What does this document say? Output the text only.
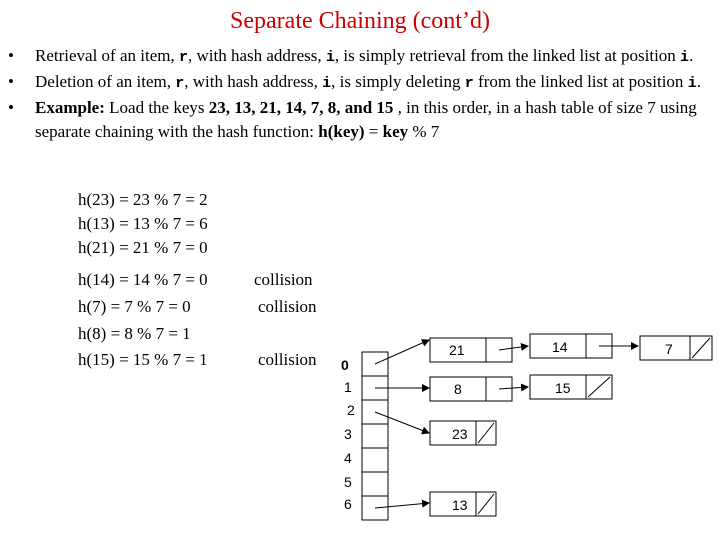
Separate Chaining (cont’d)
• Retrieval of an item, r, with hash address, i, is simply retrieval from the linked list at position i.
• Deletion of an item, r, with hash address, i, is simply deleting r from the linked list at position i.
• Example: Load the keys 23, 13, 21, 14, 7, 8, and 15 , in this order, in a hash table of size 7 using separate chaining with the hash function: h(key) = key % 7
h(23) = 23 % 7 = 2
h(13) = 13 % 7 = 6
h(21) = 21 % 7 = 0
h(14) = 14 % 7 = 0	collision
h(7) = 7 % 7 = 0	collision
h(8) = 8 % 7 = 1
h(15) = 15 % 7 = 1	collision 0
1
2
3
4
5
6
21	14	7
8	15
23
13
